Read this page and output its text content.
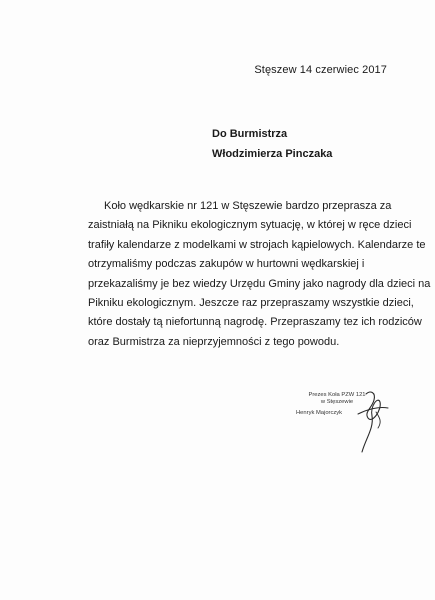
Stęszew 14 czerwiec 2017
Do Burmistrza
Włodzimierza Pinczaka
Koło wędkarskie nr 121 w Stęszewie bardzo przeprasza za
zaistniałą na Pikniku ekologicznym sytuację, w której w ręce dzieci
trafiły kalendarze z modelkami w strojach kąpielowych. Kalendarze te
otrzymaliśmy podczas zakupów w hurtowni wędkarskiej i
przekazaliśmy je bez wiedzy Urzędu Gminy jako nagrody dla dzieci na
Pikniku ekologicznym. Jeszcze raz przepraszamy wszystkie dzieci,
które dostały tą niefortunną nagrodę. Przepraszamy tez ich rodziców
oraz Burmistrza za nieprzyjemności z tego powodu.
Prezes Koła PZW 121
w Stęszewie
Henryk Majorczyk
